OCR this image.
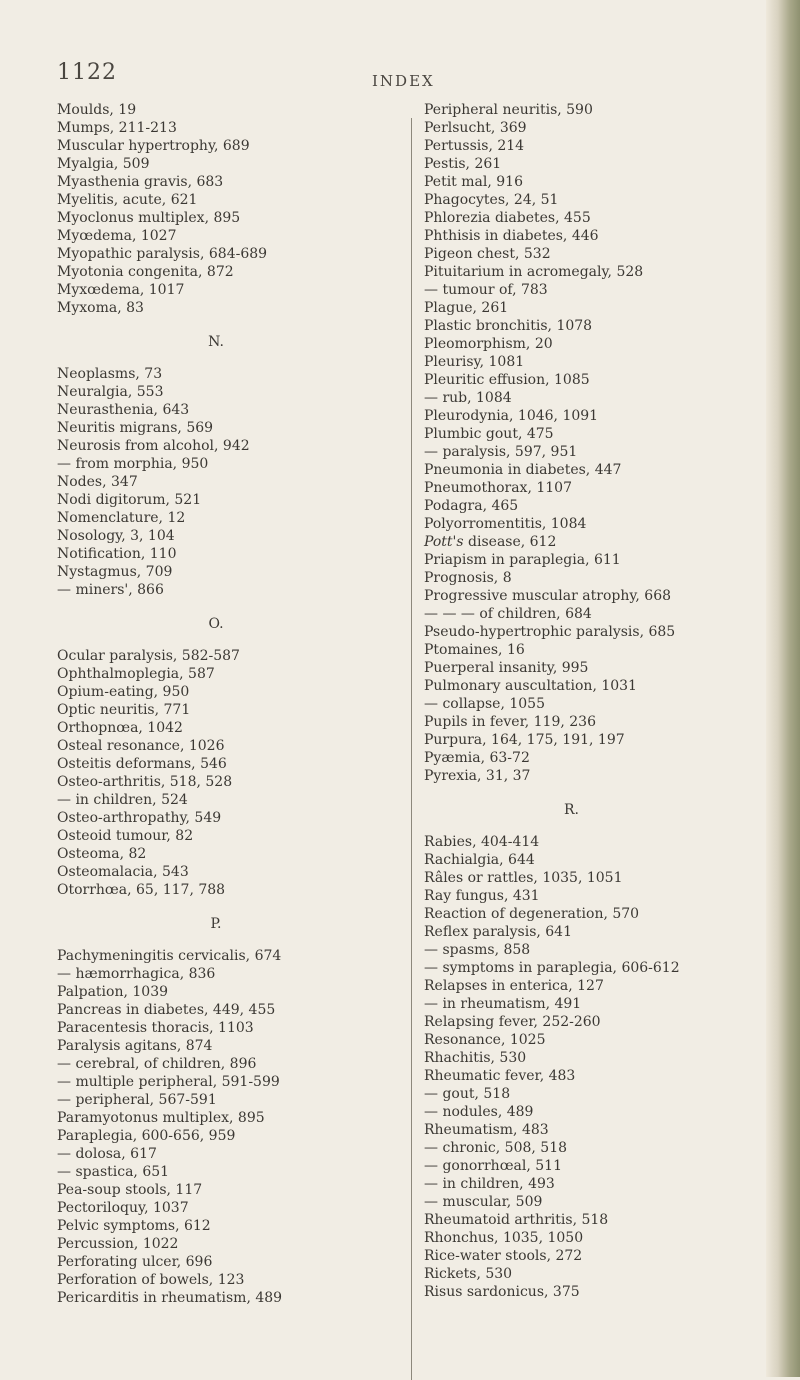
1122	INDEX
Moulds, 19
Mumps, 211-213
Muscular hypertrophy, 689
Myalgia, 509
Myasthenia gravis, 683
Myelitis, acute, 621
Myoclonus multiplex, 895
Myœdema, 1027
Myopathic paralysis, 684-689
Myotonia congenita, 872
Myxœdema, 1017
Myxoma, 83
N.
Neoplasms, 73
Neuralgia, 553
Neurasthenia, 643
Neuritis migrans, 569
Neurosis from alcohol, 942
— from morphia, 950
Nodes, 347
Nodi digitorum, 521
Nomenclature, 12
Nosology, 3, 104
Notification, 110
Nystagmus, 709
— miners', 866
O.
Ocular paralysis, 582-587
Ophthalmoplegia, 587
Opium-eating, 950
Optic neuritis, 771
Orthopnœa, 1042
Osteal resonance, 1026
Osteitis deformans, 546
Osteo-arthritis, 518, 528
— in children, 524
Osteo-arthropathy, 549
Osteoid tumour, 82
Osteoma, 82
Osteomalacia, 543
Otorrhœa, 65, 117, 788
P.
Pachymeningitis cervicalis, 674
— hæmorrhagica, 836
Palpation, 1039
Pancreas in diabetes, 449, 455
Paracentesis thoracis, 1103
Paralysis agitans, 874
— cerebral, of children, 896
— multiple peripheral, 591-599
— peripheral, 567-591
Paramyotonus multiplex, 895
Paraplegia, 600-656, 959
— dolosa, 617
— spastica, 651
Pea-soup stools, 117
Pectoriloquy, 1037
Pelvic symptoms, 612
Percussion, 1022
Perforating ulcer, 696
Perforation of bowels, 123
Pericarditis in rheumatism, 489
Peripheral neuritis, 590
Perlsucht, 369
Pertussis, 214
Pestis, 261
Petit mal, 916
Phagocytes, 24, 51
Phlorezia diabetes, 455
Phthisis in diabetes, 446
Pigeon chest, 532
Pituitarium in acromegaly, 528
— tumour of, 783
Plague, 261
Plastic bronchitis, 1078
Pleomorphism, 20
Pleurisy, 1081
Pleuritic effusion, 1085
— rub, 1084
Pleurodynia, 1046, 1091
Plumbic gout, 475
— paralysis, 597, 951
Pneumonia in diabetes, 447
Pneumothorax, 1107
Podagra, 465
Polyorromentitis, 1084
Pott's disease, 612
Priapism in paraplegia, 611
Prognosis, 8
Progressive muscular atrophy, 668
— — — of children, 684
Pseudo-hypertrophic paralysis, 685
Ptomaines, 16
Puerperal insanity, 995
Pulmonary auscultation, 1031
— collapse, 1055
Pupils in fever, 119, 236
Purpura, 164, 175, 191, 197
Pyæmia, 63-72
Pyrexia, 31, 37
R.
Rabies, 404-414
Rachialgia, 644
Râles or rattles, 1035, 1051
Ray fungus, 431
Reaction of degeneration, 570
Reflex paralysis, 641
— spasms, 858
— symptoms in paraplegia, 606-612
Relapses in enterica, 127
— in rheumatism, 491
Relapsing fever, 252-260
Resonance, 1025
Rhachitis, 530
Rheumatic fever, 483
— gout, 518
— nodules, 489
Rheumatism, 483
— chronic, 508, 518
— gonorrhœal, 511
— in children, 493
— muscular, 509
Rheumatoid arthritis, 518
Rhonchus, 1035, 1050
Rice-water stools, 272
Rickets, 530
Risus sardonicus, 375
